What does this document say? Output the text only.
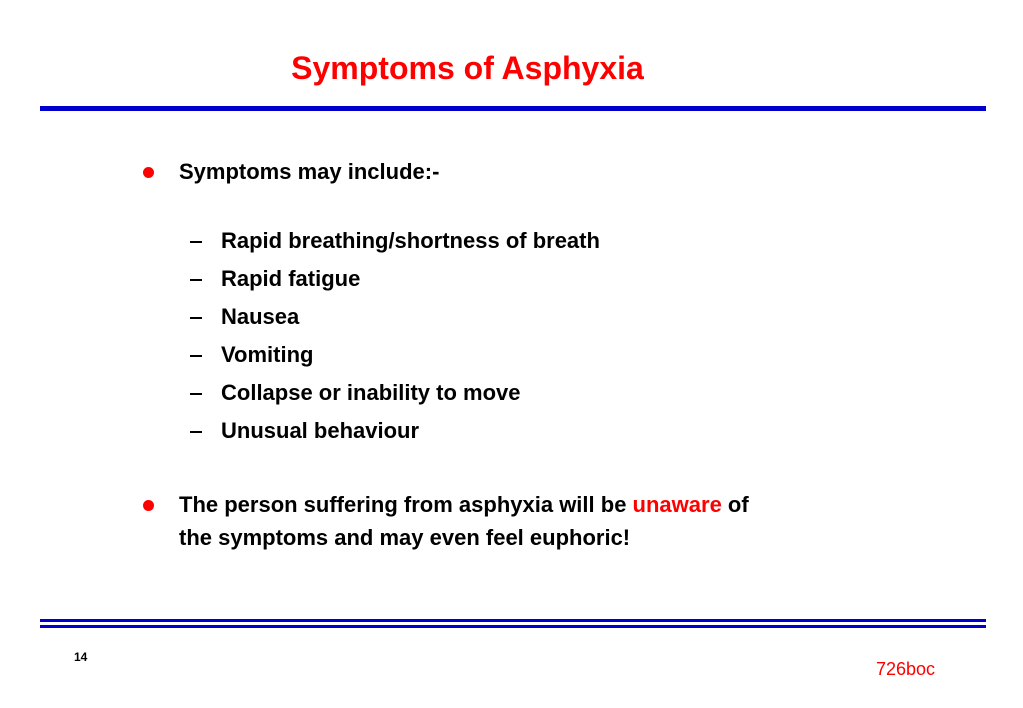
Symptoms of Asphyxia
Symptoms may include:-
Rapid breathing/shortness of breath
Rapid fatigue
Nausea
Vomiting
Collapse or inability to move
Unusual behaviour
The person suffering from asphyxia will be unaware of
the symptoms and may even feel euphoric!
14
726boc
